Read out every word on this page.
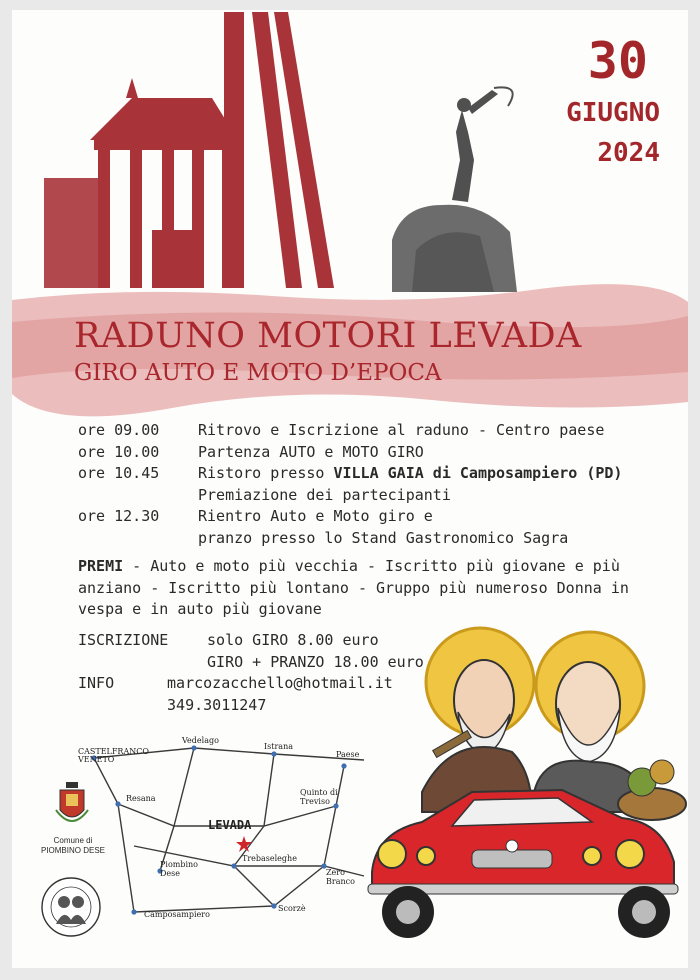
30
GIUGNO
2024
RADUNO MOTORI LEVADA
GIRO AUTO E MOTO D’EPOCA
ore 09.00	Ritrovo e Iscrizione al raduno - Centro paese
ore 10.00	Partenza AUTO e MOTO GIRO
ore 10.45	Ristoro presso VILLA GAIA di Camposampiero (PD)
Premiazione dei partecipanti
ore 12.30	Rientro Auto e Moto giro e
pranzo presso lo Stand Gastronomico Sagra
PREMI - Auto e moto più vecchia - Iscritto più giovane e più anziano - Iscritto più lontano - Gruppo più numeroso Donna in vespa e in auto più giovane
ISCRIZIONE	solo GIRO 8.00 euro
GIRO + PRANZO 18.00 euro
INFO	marcozacchello@hotmail.it
349.3011247
CASTELFRANCO VENETO
Vedelago
Istrana
Paese
Quinto di Treviso
Resana
Piombino Dese
Trebaseleghe
Zero Branco
Scorzè
Camposampiero
LEVADA
Comune di
PIOMBINO DESE
